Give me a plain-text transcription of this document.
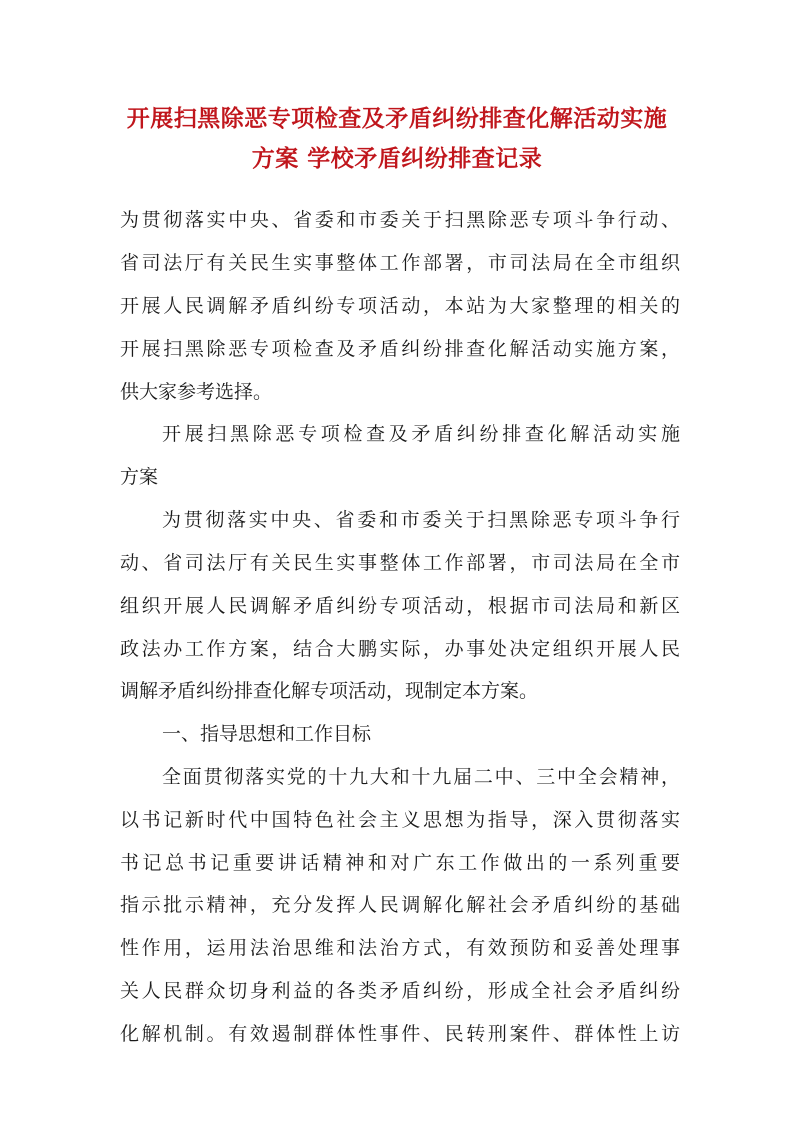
开展扫黑除恶专项检查及矛盾纠纷排查化解活动实施
方案 学校矛盾纠纷排查记录

为贯彻落实中央、省委和市委关于扫黑除恶专项斗争行动、

省司法厅有关民生实事整体工作部署，市司法局在全市组织

开展人民调解矛盾纠纷专项活动，本站为大家整理的相关的

开展扫黑除恶专项检查及矛盾纠纷排查化解活动实施方案，

供大家参考选择。

开展扫黑除恶专项检查及矛盾纠纷排查化解活动实施

方案

为贯彻落实中央、省委和市委关于扫黑除恶专项斗争行

动、省司法厅有关民生实事整体工作部署，市司法局在全市

组织开展人民调解矛盾纠纷专项活动，根据市司法局和新区

政法办工作方案，结合大鹏实际，办事处决定组织开展人民

调解矛盾纠纷排查化解专项活动，现制定本方案。

一、指导思想和工作目标

全面贯彻落实党的十九大和十九届二中、三中全会精神，

以书记新时代中国特色社会主义思想为指导，深入贯彻落实

书记总书记重要讲话精神和对广东工作做出的一系列重要

指示批示精神，充分发挥人民调解化解社会矛盾纠纷的基础

性作用，运用法治思维和法治方式，有效预防和妥善处理事

关人民群众切身利益的各类矛盾纠纷，形成全社会矛盾纠纷

化解机制。有效遏制群体性事件、民转刑案件、群体性上访
